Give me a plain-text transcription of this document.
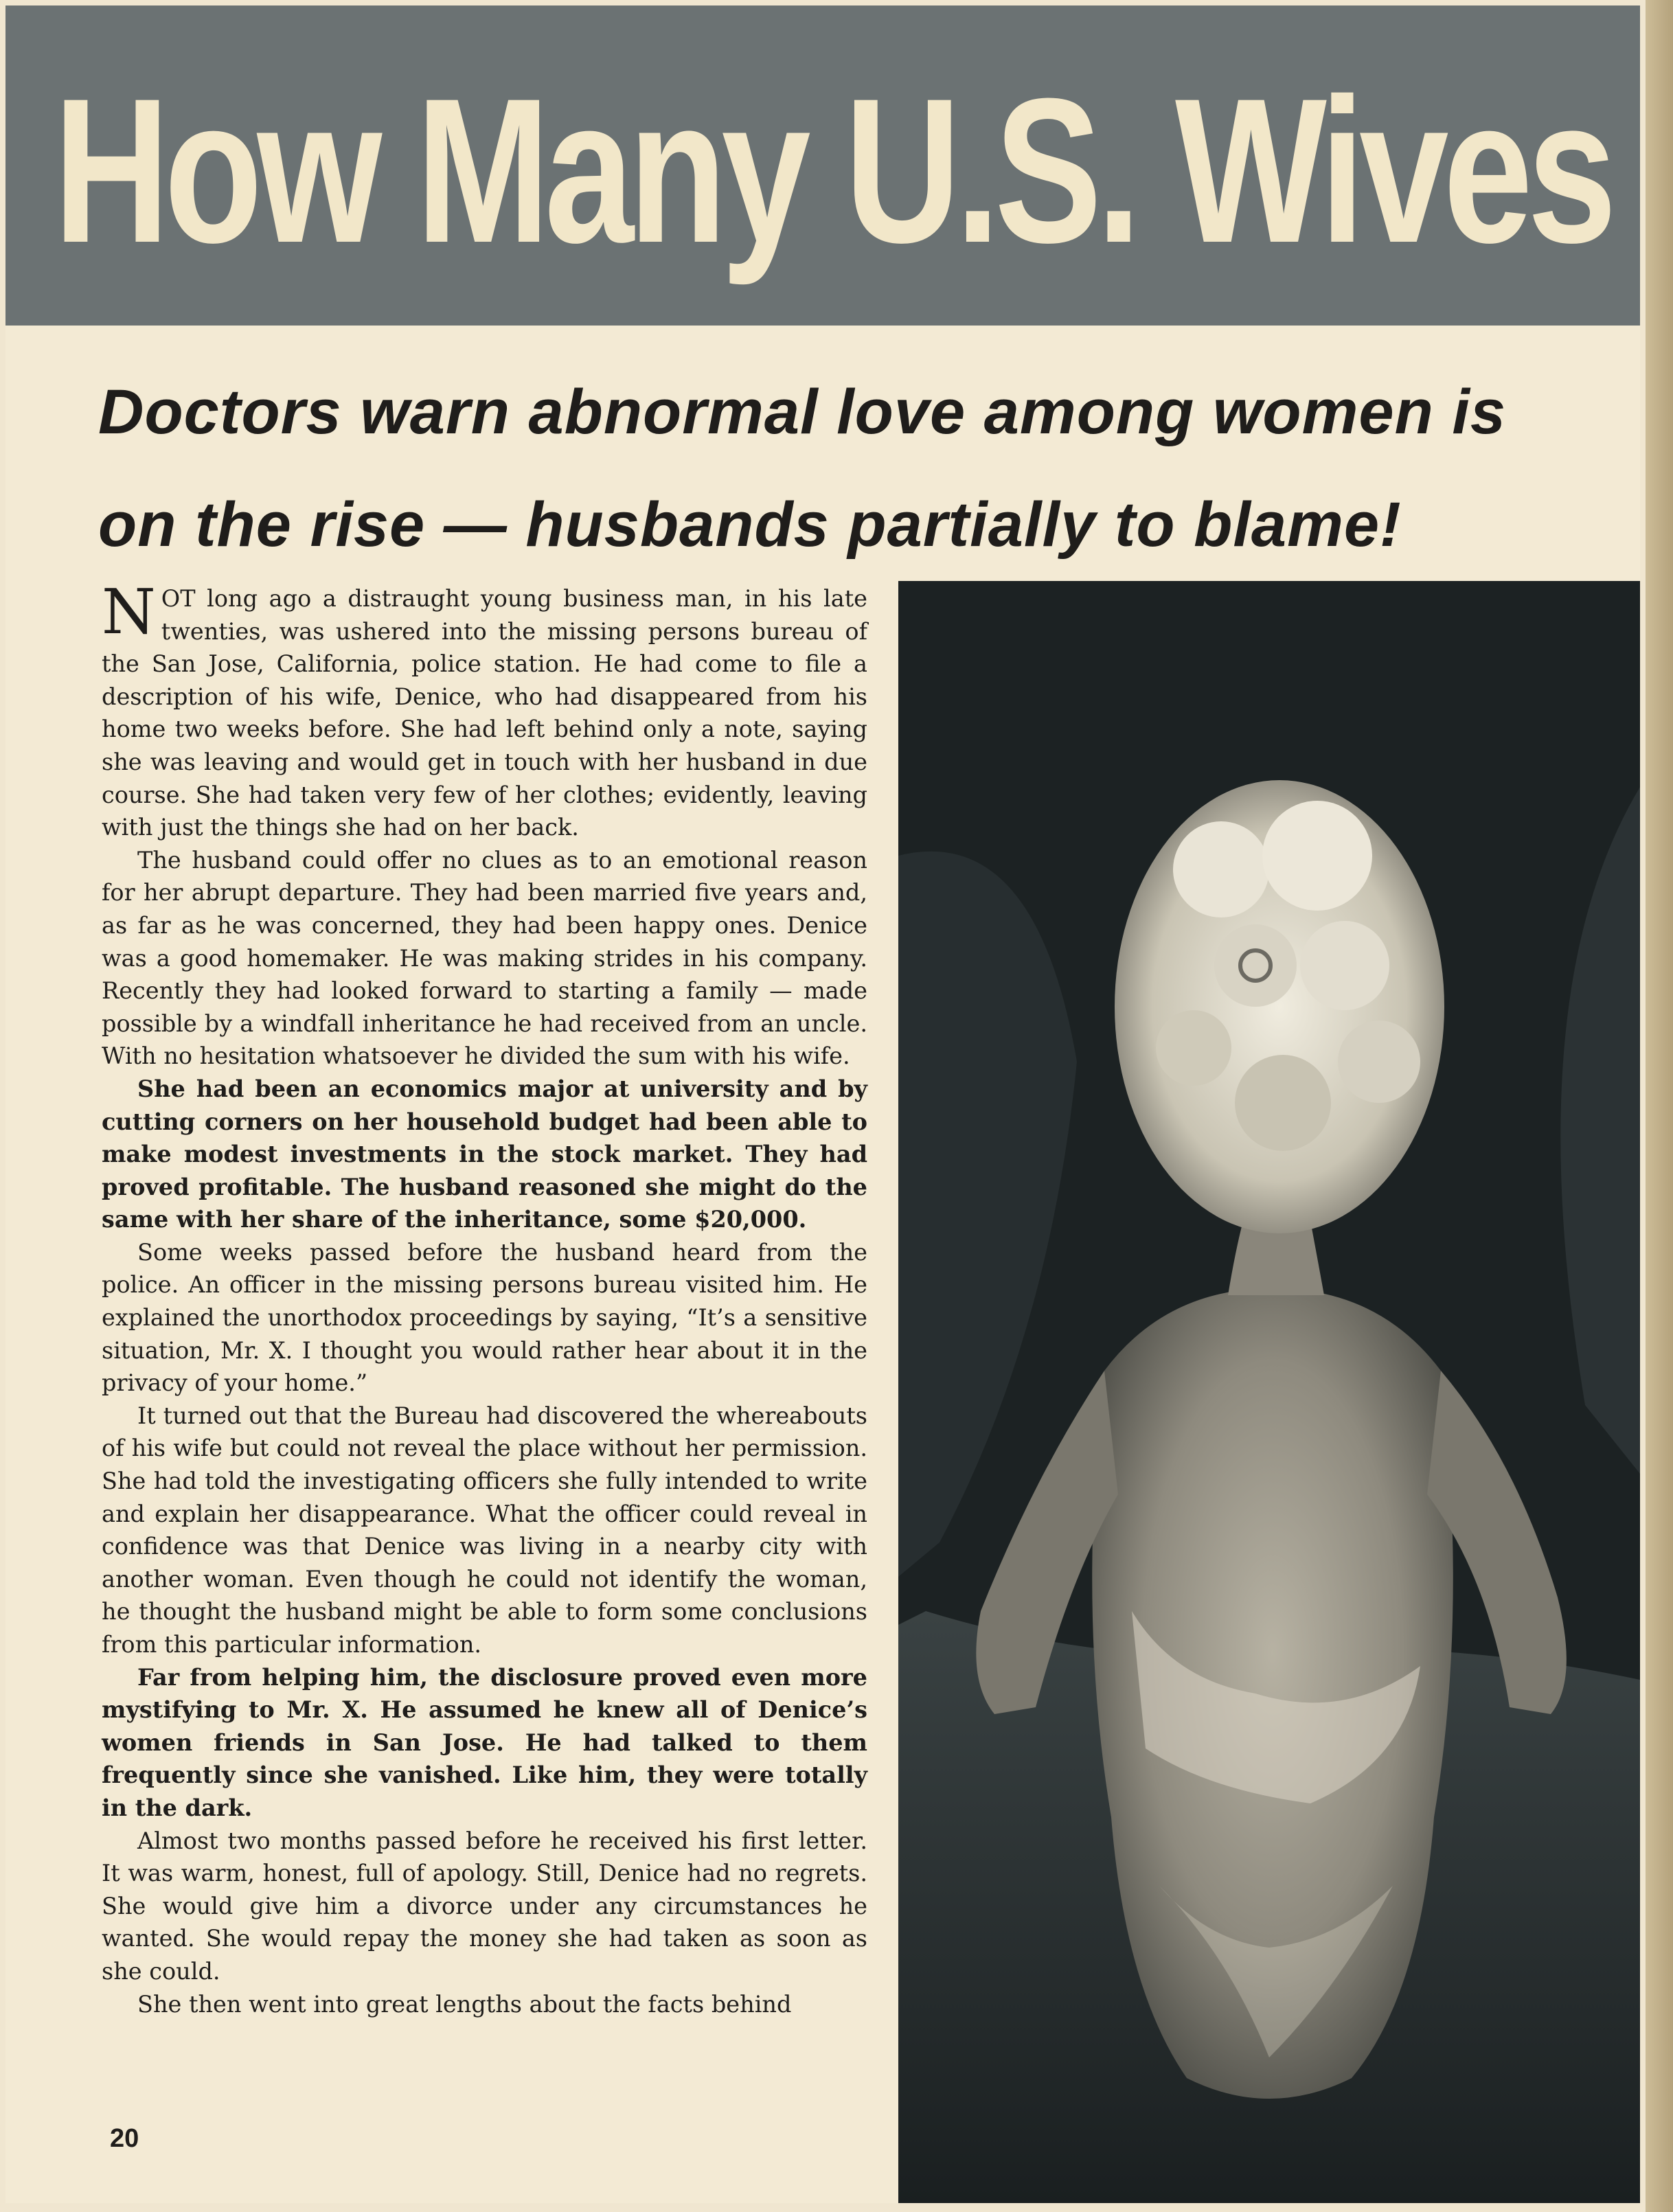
How Many U.S. Wives
Doctors warn abnormal love among women is on the rise — husbands partially to blame!

NOT long ago a distraught young business man, in his late twenties, was ushered into the missing persons bureau of the San Jose, California, police station. He had come to file a description of his wife, Denice, who had disappeared from his home two weeks before. She had left behind only a note, saying she was leaving and would get in touch with her husband in due course. She had taken very few of her clothes; evidently, leaving with just the things she had on her back.

The husband could offer no clues as to an emotional reason for her abrupt departure. They had been married five years and, as far as he was concerned, they had been happy ones. Denice was a good homemaker. He was making strides in his company. Recently they had looked forward to starting a family — made possible by a windfall inheritance he had received from an uncle. With no hesitation whatsoever he divided the sum with his wife.

She had been an economics major at university and by cutting corners on her household budget had been able to make modest investments in the stock market. They had proved profitable. The husband reasoned she might do the same with her share of the inheritance, some $20,000.

Some weeks passed before the husband heard from the police. An officer in the missing persons bureau visited him. He explained the unorthodox proceedings by saying, “It’s a sensitive situation, Mr. X. I thought you would rather hear about it in the privacy of your home.”

It turned out that the Bureau had discovered the whereabouts of his wife but could not reveal the place without her permission. She had told the investigating officers she fully intended to write and explain her disappearance. What the officer could reveal in confidence was that Denice was living in a nearby city with another woman. Even though he could not identify the woman, he thought the husband might be able to form some conclusions from this particular information.

Far from helping him, the disclosure proved even more mystifying to Mr. X. He assumed he knew all of Denice’s women friends in San Jose. He had talked to them frequently since she vanished. Like him, they were totally in the dark.

Almost two months passed before he received his first letter. It was warm, honest, full of apology. Still, Denice had no regrets. She would give him a divorce under any circumstances he wanted. She would repay the money she had taken as soon as she could.

She then went into great lengths about the facts behind

20
